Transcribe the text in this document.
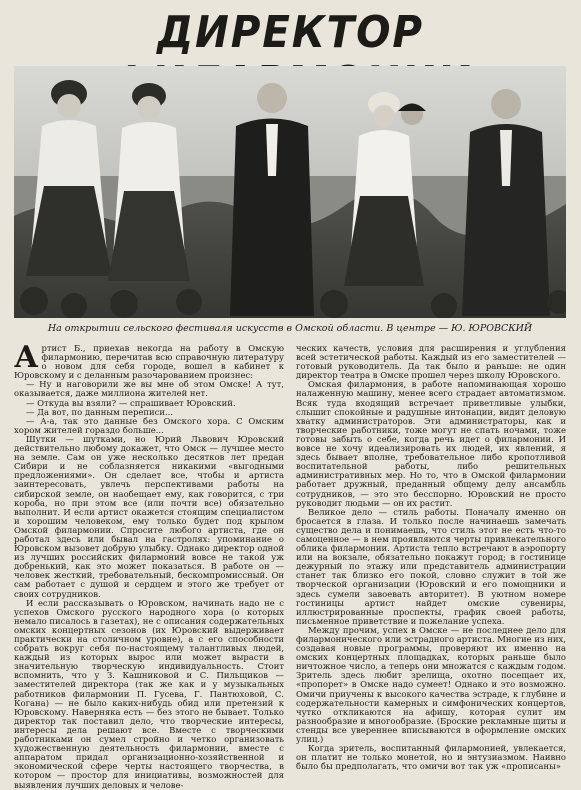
ДИРЕКТОР
На открытии сельского фестиваля искусств в Омской области. В центре — Ю. ЮРОВСКИЙ

Артист Б., приехав некогда на работу в Омскую филармонию, перечитав всю справочную литературу о новом для себя городе, вошел в кабинет к Юровскому и с деланным разочарованием произнес:

— Ну и наговорили же вы мне об этом Омске! А тут, оказывается, даже миллиона жителей нет.

— Откуда вы взяли? — спрашивает Юровский.

— Да вот, по данным переписи...

— А-а, так это данные без Омского хора. С Омским хором жителей гораздо больше...

Шутки — шутками, но Юрий Львович Юровский действительно любому докажет, что Омск — лучшее место на земле. Сам он уже несколько десятков лет предан Сибири и не соблазняется никакими «выгодными предложениями». Он сделает все, чтобы и артиста заинтересовать, увлечь перспективами работы на сибирской земле, он наобещает ему, как говорится, с три короба, но при этом все (или почти все) обязательно выполнит. И если артист окажется стоящим специалистом и хорошим человеком, ему только будет под крылом Омской филармонии. Спросите любого артиста, где он работал здесь или бывал на гастролях: упоминание о Юровском вызовет добрую улыбку. Однако директор одной из лучших российских филармоний вовсе не такой уж добренький, как это может показаться. В работе он — человек жесткий, требовательный, бескомпромиссный. Он сам работает с душой и сердцем и этого же требует от своих сотрудников.

И если рассказывать о Юровском, начинать надо не с успехов Омского русского народного хора (о которых немало писалось в газетах), не с описания содержательных омских концертных сезонов (их Юровский выдерживает практически на столичном уровне), а с его способности собрать вокруг себя по-настоящему талантливых людей, каждый из которых вырос или может вырасти в значительную творческую индивидуальность. Стоит вспомнить, что у З. Кашниковой и С. Пильщиков — заместителей директора (так же как и у музыкальных работников филармонии П. Гусева, Г. Пантюховой, С. Когана) — не было каких-нибудь обид или претензий к Юровскому. Наверняка есть — без этого не бывает. Только директор так поставил дело, что творческие интересы, интересы дела решают все. Вместе с творческими работниками он сумел стройно и четко организовать художественную деятельность филармонии, вместе с аппаратом придал организационно-хозяйственной и экономической сфере черты настоящего творчества, в котором — простор для инициативы, возможностей для выявления лучших деловых и челове-

ческих качеств, условия для расширения и углубления всей эстетической работы. Каждый из его заместителей — готовый руководитель. Да так было и раньше: не один директор театра в Омске прошел через школу Юровского.

Омская филармония, в работе напоминающая хорошо налаженную машину, менее всего страдает автоматизмом. Всяк туда входящий встречает приветливые улыбки, слышит спокойные и радушные интонации, видит деловую хватку администраторов. Эти администраторы, как и творческие работники, тоже могут не спать ночами, тоже готовы забыть о себе, когда речь идет о филармонии. И вовсе не хочу идеализировать их людей, их явлений, я здесь бывает вполне, требовательное либо кропотливой воспитательной работы, либо решительных административных мер. Но то, что в Омской филармонии работает дружный, преданный общему делу ансамбль сотрудников, — это это бесспорно. Юровский не просто руководит людьми — он их растит.

Великое дело — стиль работы. Поначалу именно он бросается в глаза. И только после начинаешь замечать существо дела и понимаешь, что стиль этот не есть что-то самоценное — в нем проявляются черты привлекательного облика филармонии. Артиста тепло встречают в аэропорту или на вокзале, обязательно покажут город; в гостинице дежурный по этажу или представитель администрации станет так близко его покой, словно служит в той же творческой организации (Юровский и его помощники и здесь сумели завоевать авторитет). В уютном номере гостиницы артист найдет омские сувениры, иллюстрированные проспекты, график своей работы, письменное приветствие и пожелание успеха.

Между прочим, успех в Омске — не последнее дело для филармонического или эстрадного артиста. Многие из них, создавая новые программы, проверяют их именно на омских концертных площадках, которых раньше было ничтожное число, а теперь они множатся с каждым годом. Зритель здесь любит зрелища, охотно посещает их, «пропорет» в Омске надо сумеет! Однако и это возможно. Омичи приучены к высокого качества эстраде, к глубине и содержательности камерных и симфонических концертов, чутко откликаются на афишу, которая сулит им разнообразие и многообразие. (Броские рекламные щиты и стенды все увереннее вписываются в оформление омских улиц.)

Когда зритель, воспитанный филармонией, увлекается, он платит не только монетой, но и энтузиазмом. Наивно было бы предполагать, что омичи вот так уж «прописаны»
